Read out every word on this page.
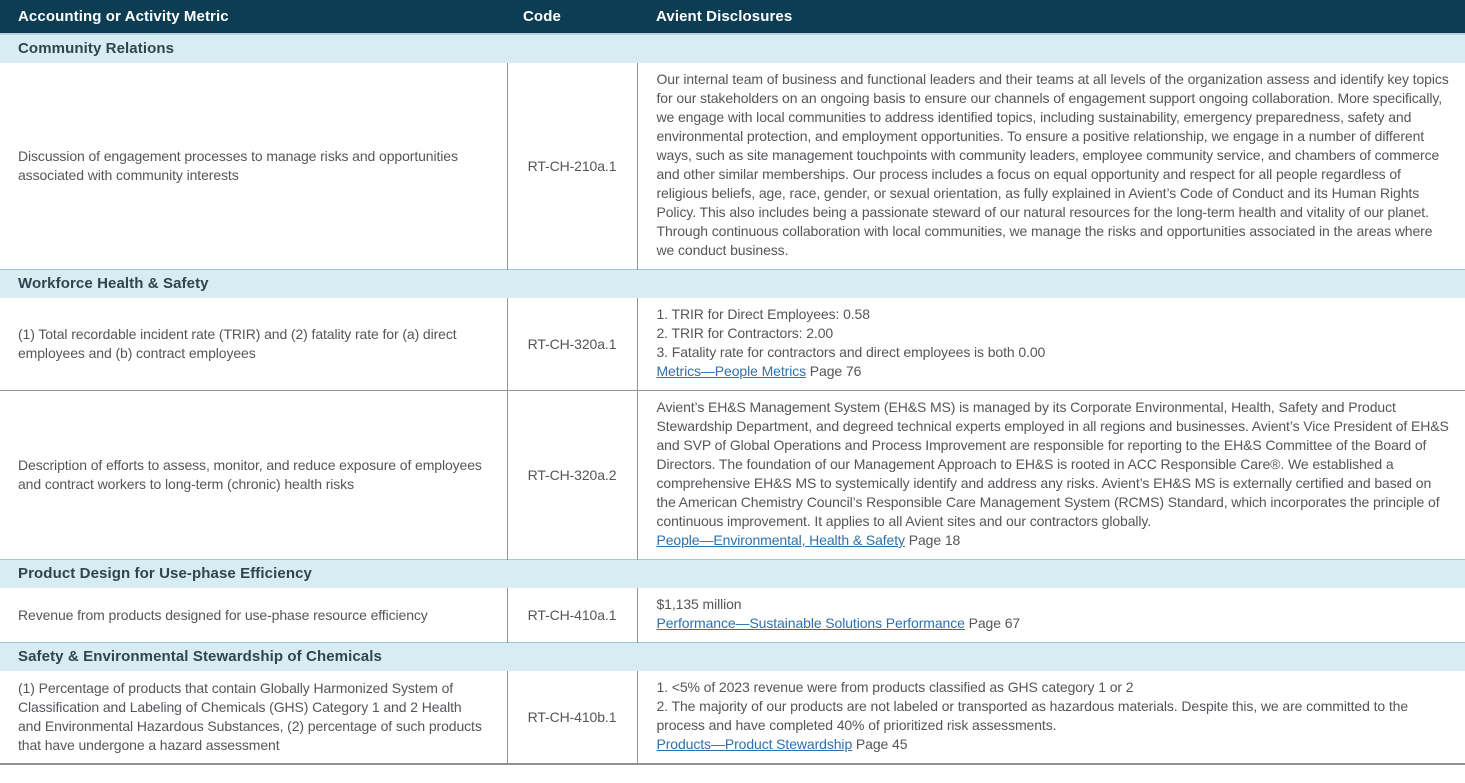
Accounting or Activity Metric	Code	Avient Disclosures
Community Relations		
Discussion of engagement processes to manage risks and opportunities associated with community interests	RT-CH-210a.1	Our internal team of business and functional leaders and their teams at all levels of the organization assess and identify key topics for our stakeholders on an ongoing basis to ensure our channels of engagement support ongoing collaboration. More specifically, we engage with local communities to address identified topics, including sustainability, emergency preparedness, safety and environmental protection, and employment opportunities. To ensure a positive relationship, we engage in a number of different ways, such as site management touchpoints with community leaders, employee community service, and chambers of commerce and other similar memberships. Our process includes a focus on equal opportunity and respect for all people regardless of religious beliefs, age, race, gender, or sexual orientation, as fully explained in Avient’s Code of Conduct and its Human Rights Policy. This also includes being a passionate steward of our natural resources for the long-term health and vitality of our planet. Through continuous collaboration with local communities, we manage the risks and opportunities associated in the areas where we conduct business.

Workforce Health & Safety		
(1) Total recordable incident rate (TRIR) and (2) fatality rate for (a) direct employees and (b) contract employees	RT-CH-320a.1	1. TRIR for Direct Employees: 0.58
2. TRIR for Contractors: 2.00
3. Fatality rate for contractors and direct employees is both 0.00
Metrics—People Metrics Page 76

Description of efforts to assess, monitor, and reduce exposure of employees and contract workers to long-term (chronic) health risks	RT-CH-320a.2	Avient’s EH&S Management System (EH&S MS) is managed by its Corporate Environmental, Health, Safety and Product Stewardship Department, and degreed technical experts employed in all regions and businesses. Avient’s Vice President of EH&S and SVP of Global Operations and Process Improvement are responsible for reporting to the EH&S Committee of the Board of Directors. The foundation of our Management Approach to EH&S is rooted in ACC Responsible Care®. We established a comprehensive EH&S MS to systemically identify and address any risks. Avient’s EH&S MS is externally certified and based on the American Chemistry Council’s Responsible Care Management System (RCMS) Standard, which incorporates the principle of continuous improvement. It applies to all Avient sites and our contractors globally.
People—Environmental, Health & Safety Page 18

Product Design for Use-phase Efficiency		
Revenue from products designed for use-phase resource efficiency	RT-CH-410a.1	$1,135 million
Performance—Sustainable Solutions Performance Page 67

Safety & Environmental Stewardship of Chemicals		
(1) Percentage of products that contain Globally Harmonized System of Classification and Labeling of Chemicals (GHS) Category 1 and 2 Health and Environmental Hazardous Substances, (2) percentage of such products that have undergone a hazard assessment	RT-CH-410b.1	
1. <5% of 2023 revenue were from products classified as GHS category 1 or 2
2. The majority of our products are not labeled or transported as hazardous materials. Despite this, we are committed to the process and have completed 40% of prioritized risk assessments.
Products—Product Stewardship Page 45
